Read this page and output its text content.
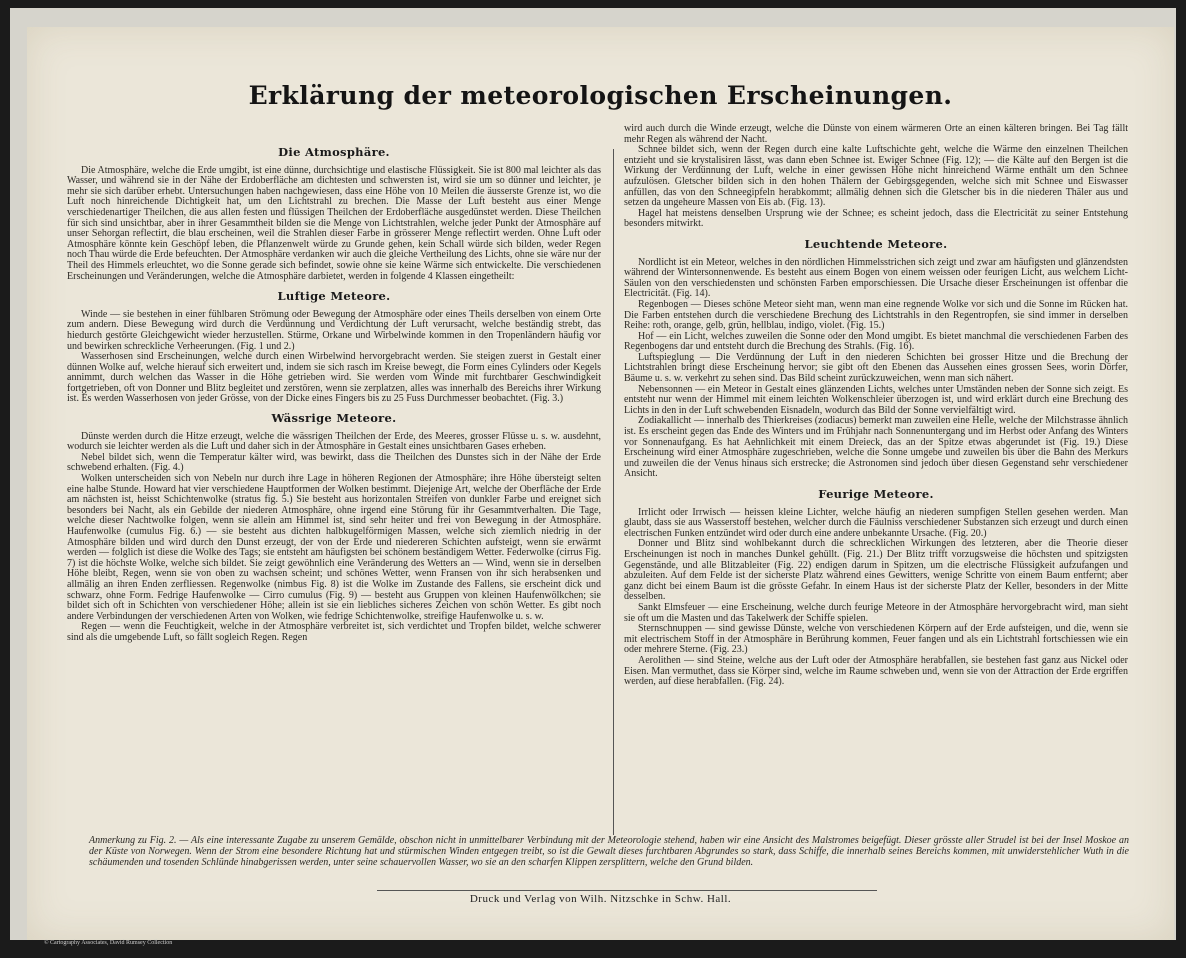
Erklärung der meteorologischen Erscheinungen.
Die Atmosphäre.

Die Atmosphäre, welche die Erde umgibt, ist eine dünne, durchsichtige und elastische Flüssigkeit. Sie ist 800 mal leichter als das Wasser, und während sie in der Nähe der Erdoberfläche am dichtesten und schwersten ist, wird sie um so dünner und leichter, je mehr sie sich darüber erhebt. Untersuchungen haben nachgewiesen, dass eine Höhe von 10 Meilen die äusserste Grenze ist, wo die Luft noch hinreichende Dichtigkeit hat, um den Lichtstrahl zu brechen. Die Masse der Luft besteht aus einer Menge verschiedenartiger Theilchen, die aus allen festen und flüssigen Theilchen der Erdoberfläche ausgedünstet werden. Diese Theilchen für sich sind unsichtbar, aber in ihrer Gesammtheit bilden sie die Menge von Lichtstrahlen, welche jeder Punkt der Atmosphäre auf unser Sehorgan reflectirt, die blau erscheinen, weil die Strahlen dieser Farbe in grösserer Menge reflectirt werden. Ohne Luft oder Atmosphäre könnte kein Geschöpf leben, die Pflanzenwelt würde zu Grunde gehen, kein Schall würde sich bilden, weder Regen noch Thau würde die Erde befeuchten. Der Atmosphäre verdanken wir auch die gleiche Vertheilung des Lichts, ohne sie wäre nur der Theil des Himmels erleuchtet, wo die Sonne gerade sich befindet, sowie ohne sie keine Wärme sich entwickelte. Die verschiedenen Erscheinungen und Veränderungen, welche die Atmosphäre darbietet, werden in folgende 4 Klassen eingetheilt:

Luftige Meteore.

Winde — sie bestehen in einer fühlbaren Strömung oder Bewegung der Atmosphäre oder eines Theils derselben von einem Orte zum andern. Diese Bewegung wird durch die Verdünnung und Verdichtung der Luft verursacht, welche beständig strebt, das hiedurch gestörte Gleichgewicht wieder herzustellen. Stürme, Orkane und Wirbelwinde kommen in den Tropenländern häufig vor und bewirken schreckliche Verheerungen. (Fig. 1 und 2.)

Wasserhosen sind Erscheinungen, welche durch einen Wirbelwind hervorgebracht werden. Sie steigen zuerst in Gestalt einer dünnen Wolke auf, welche hierauf sich erweitert und, indem sie sich rasch im Kreise bewegt, die Form eines Cylinders oder Kegels annimmt, durch welchen das Wasser in die Höhe getrieben wird. Sie werden vom Winde mit furchtbarer Geschwindigkeit fortgetrieben, oft von Donner und Blitz begleitet und zerstören, wenn sie zerplatzen, alles was innerhalb des Bereichs ihrer Wirkung ist. Es werden Wasserhosen von jeder Grösse, von der Dicke eines Fingers bis zu 25 Fuss Durchmesser beobachtet. (Fig. 3.)

Wässrige Meteore.

Dünste werden durch die Hitze erzeugt, welche die wässrigen Theilchen der Erde, des Meeres, grosser Flüsse u. s. w. ausdehnt, wodurch sie leichter werden als die Luft und daher sich in der Atmosphäre in Gestalt eines unsichtbaren Gases erheben.

Nebel bildet sich, wenn die Temperatur kälter wird, was bewirkt, dass die Theilchen des Dunstes sich in der Nähe der Erde schwebend erhalten. (Fig. 4.)

Wolken unterscheiden sich von Nebeln nur durch ihre Lage in höheren Regionen der Atmosphäre; ihre Höhe übersteigt selten eine halbe Stunde. Howard hat vier verschiedene Hauptformen der Wolken bestimmt. Diejenige Art, welche der Oberfläche der Erde am nächsten ist, heisst Schichtenwolke (stratus fig. 5.) Sie besteht aus horizontalen Streifen von dunkler Farbe und ereignet sich besonders bei Nacht, als ein Gebilde der niederen Atmosphäre, ohne irgend eine Störung für ihr Gesammtverhalten. Die Tage, welche dieser Nachtwolke folgen, wenn sie allein am Himmel ist, sind sehr heiter und frei von Bewegung in der Atmosphäre. Haufenwolke (cumulus Fig. 6.) — sie besteht aus dichten halbkugelförmigen Massen, welche sich ziemlich niedrig in der Atmosphäre bilden und wird durch den Dunst erzeugt, der von der Erde und niedereren Schichten aufsteigt, wenn sie erwärmt werden — folglich ist diese die Wolke des Tags; sie entsteht am häufigsten bei schönem beständigem Wetter. Federwolke (cirrus Fig. 7) ist die höchste Wolke, welche sich bildet. Sie zeigt gewöhnlich eine Veränderung des Wetters an — Wind, wenn sie in derselben Höhe bleibt, Regen, wenn sie von oben zu wachsen scheint; und schönes Wetter, wenn Fransen von ihr sich herabsenken und allmälig an ihren Enden zerfliessen. Regenwolke (nimbus Fig. 8) ist die Wolke im Zustande des Fallens, sie erscheint dick und schwarz, ohne Form. Fedrige Haufenwolke — Cirro cumulus (Fig. 9) — besteht aus Gruppen von kleinen Haufenwölkchen; sie bildet sich oft in Schichten von verschiedener Höhe; allein ist sie ein liebliches sicheres Zeichen von schön Wetter. Es gibt noch andere Verbindungen der verschiedenen Arten von Wolken, wie fedrige Schichtenwolke, streifige Haufenwolke u. s. w.

Regen — wenn die Feuchtigkeit, welche in der Atmosphäre verbreitet ist, sich verdichtet und Tropfen bildet, welche schwerer sind als die umgebende Luft, so fällt sogleich Regen. Regen

wird auch durch die Winde erzeugt, welche die Dünste von einem wärmeren Orte an einen kälteren bringen. Bei Tag fällt mehr Regen als während der Nacht.

Schnee bildet sich, wenn der Regen durch eine kalte Luftschichte geht, welche die Wärme den einzelnen Theilchen entzieht und sie krystalisiren lässt, was dann eben Schnee ist. Ewiger Schnee (Fig. 12); — die Kälte auf den Bergen ist die Wirkung der Verdünnung der Luft, welche in einer gewissen Höhe nicht hinreichend Wärme enthält um den Schnee aufzulösen. Gletscher bilden sich in den hohen Thälern der Gebirgsgegenden, welche sich mit Schnee und Eiswasser anfüllen, das von den Schneegipfeln herabkommt; allmälig dehnen sich die Gletscher bis in die niederen Thäler aus und setzen da ungeheure Massen von Eis ab. (Fig. 13).

Hagel hat meistens denselben Ursprung wie der Schnee; es scheint jedoch, dass die Electricität zu seiner Entstehung besonders mitwirkt.

Leuchtende Meteore.

Nordlicht ist ein Meteor, welches in den nördlichen Himmelsstrichen sich zeigt und zwar am häufigsten und glänzendsten während der Wintersonnenwende. Es besteht aus einem Bogen von einem weissen oder feurigen Licht, aus welchem Licht-Säulen von den verschiedensten und schönsten Farben emporschiessen. Die Ursache dieser Erscheinungen ist offenbar die Electricität. (Fig. 14).

Regenbogen — Dieses schöne Meteor sieht man, wenn man eine regnende Wolke vor sich und die Sonne im Rücken hat. Die Farben entstehen durch die verschiedene Brechung des Lichtstrahls in den Regentropfen, sie sind immer in derselben Reihe: roth, orange, gelb, grün, hellblau, indigo, violet. (Fig. 15.)

Hof — ein Licht, welches zuweilen die Sonne oder den Mond umgibt. Es bietet manchmal die verschiedenen Farben des Regenbogens dar und entsteht durch die Brechung des Strahls. (Fig. 16).

Luftspieglung — Die Verdünnung der Luft in den niederen Schichten bei grosser Hitze und die Brechung der Lichtstrahlen bringt diese Erscheinung hervor; sie gibt oft den Ebenen das Aussehen eines grossen Sees, worin Dörfer, Bäume u. s. w. verkehrt zu sehen sind. Das Bild scheint zurückzuweichen, wenn man sich nähert.

Nebensonnen — ein Meteor in Gestalt eines glänzenden Lichts, welches unter Umständen neben der Sonne sich zeigt. Es entsteht nur wenn der Himmel mit einem leichten Wolkenschleier überzogen ist, und wird erklärt durch eine Brechung des Lichts in den in der Luft schwebenden Eisnadeln, wodurch das Bild der Sonne vervielfältigt wird.

Zodiakallicht — innerhalb des Thierkreises (zodiacus) bemerkt man zuweilen eine Helle, welche der Milchstrasse ähnlich ist. Es erscheint gegen das Ende des Winters und im Frühjahr nach Sonnenuntergang und im Herbst oder Anfang des Winters vor Sonnenaufgang. Es hat Aehnlichkeit mit einem Dreieck, das an der Spitze etwas abgerundet ist (Fig. 19.) Diese Erscheinung wird einer Atmosphäre zugeschrieben, welche die Sonne umgebe und zuweilen bis über die Bahn des Merkurs und zuweilen die der Venus hinaus sich erstrecke; die Astronomen sind jedoch über diesen Gegenstand sehr verschiedener Ansicht.

Feurige Meteore.

Irrlicht oder Irrwisch — heissen kleine Lichter, welche häufig an niederen sumpfigen Stellen gesehen werden. Man glaubt, dass sie aus Wasserstoff bestehen, welcher durch die Fäulniss verschiedener Substanzen sich erzeugt und durch einen electrischen Funken entzündet wird oder durch eine andere unbekannte Ursache. (Fig. 20.)

Donner und Blitz sind wohlbekannt durch die schrecklichen Wirkungen des letzteren, aber die Theorie dieser Erscheinungen ist noch in manches Dunkel gehüllt. (Fig. 21.) Der Blitz trifft vorzugsweise die höchsten und spitzigsten Gegenstände, und alle Blitzableiter (Fig. 22) endigen darum in Spitzen, um die electrische Flüssigkeit aufzufangen und abzuleiten. Auf dem Felde ist der sicherste Platz während eines Gewitters, wenige Schritte von einem Baum entfernt; aber ganz dicht bei einem Baum ist die grösste Gefahr. In einem Haus ist der sicherste Platz der Keller, besonders in der Mitte desselben.

Sankt Elmsfeuer — eine Erscheinung, welche durch feurige Meteore in der Atmosphäre hervorgebracht wird, man sieht sie oft um die Masten und das Takelwerk der Schiffe spielen.

Sternschnuppen — sind gewisse Dünste, welche von verschiedenen Körpern auf der Erde aufsteigen, und die, wenn sie mit electrischem Stoff in der Atmosphäre in Berührung kommen, Feuer fangen und als ein Lichtstrahl fortschiessen wie ein oder mehrere Sterne. (Fig. 23.)

Aerolithen — sind Steine, welche aus der Luft oder der Atmosphäre herabfallen, sie bestehen fast ganz aus Nickel oder Eisen. Man vermuthet, dass sie Körper sind, welche im Raume schweben und, wenn sie von der Attraction der Erde ergriffen werden, auf diese herabfallen. (Fig. 24).

Anmerkung zu Fig. 2. — Als eine interessante Zugabe zu unserem Gemälde, obschon nicht in unmittelbarer Verbindung mit der Meteorologie stehend, haben wir eine Ansicht des Malstromes beigefügt. Dieser grösste aller Strudel ist bei der Insel Moskoe an der Küste von Norwegen. Wenn der Strom eine besondere Richtung hat und stürmischen Winden entgegen treibt, so ist die Gewalt dieses furchtbaren Abgrundes so stark, dass Schiffe, die innerhalb seines Bereichs kommen, mit unwiderstehlicher Wuth in die schäumenden und tosenden Schlünde hinabgerissen werden, unter seine schauervollen Wasser, wo sie an den scharfen Klippen zersplittern, welche den Grund bilden.
Druck und Verlag von Wilh. Nitzschke in Schw. Hall.
© Cartography Associates, David Rumsey Collection
